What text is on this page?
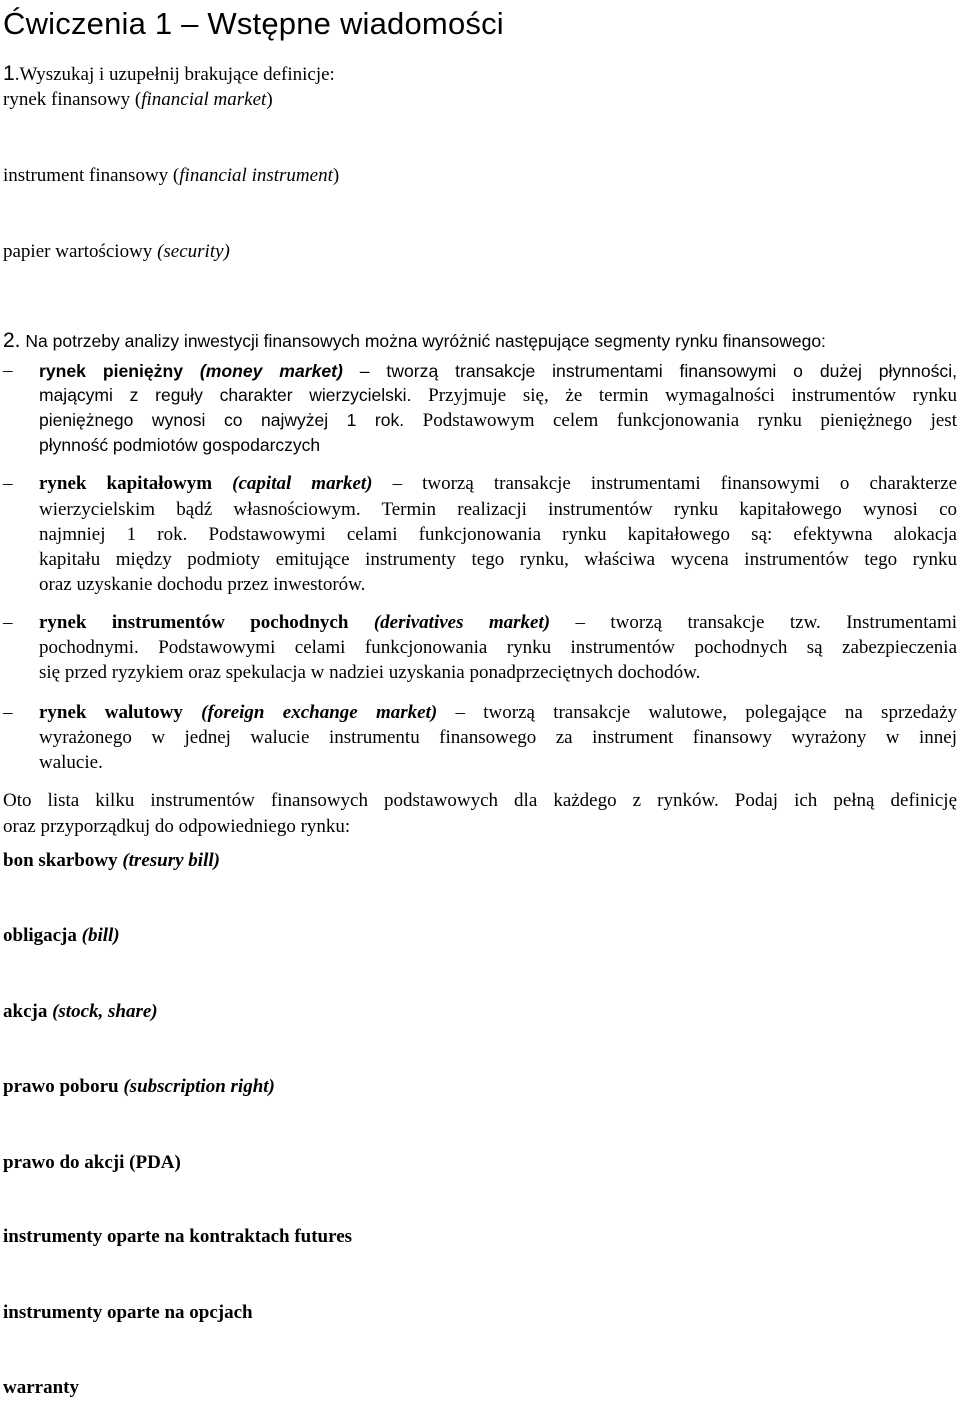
Ćwiczenia 1 – Wstępne wiadomości
1.Wyszukaj i uzupełnij brakujące definicje:
rynek finansowy (financial market)
instrument finansowy (financial instrument)
papier wartościowy (security)
2. Na potrzeby analizy inwestycji finansowych można wyróżnić następujące segmenty rynku finansowego:
– rynek pieniężny (money market) – tworzą transakcje instrumentami finansowymi o dużej płynności,
mającymi z reguły charakter wierzycielski. Przyjmuje się, że termin wymagalności instrumentów rynku
pieniężnego wynosi co najwyżej 1 rok. Podstawowym celem funkcjonowania rynku pieniężnego jest
płynność podmiotów gospodarczych
– rynek kapitałowym (capital market) – tworzą transakcje instrumentami finansowymi o charakterze
wierzycielskim bądź własnościowym. Termin realizacji instrumentów rynku kapitałowego wynosi co
najmniej 1 rok. Podstawowymi celami funkcjonowania rynku kapitałowego są: efektywna alokacja
kapitału między podmioty emitujące instrumenty tego rynku, właściwa wycena instrumentów tego rynku
oraz uzyskanie dochodu przez inwestorów.
– rynek instrumentów pochodnych (derivatives market) – tworzą transakcje tzw. Instrumentami
pochodnymi. Podstawowymi celami funkcjonowania rynku instrumentów pochodnych są zabezpieczenia
się przed ryzykiem oraz spekulacja w nadziei uzyskania ponadprzeciętnych dochodów.
– rynek walutowy (foreign exchange market) – tworzą transakcje walutowe, polegające na sprzedaży
wyrażonego w jednej walucie instrumentu finansowego za instrument finansowy wyrażony w innej
walucie.
Oto lista kilku instrumentów finansowych podstawowych dla każdego z rynków. Podaj ich pełną definicję
oraz przyporządkuj do odpowiedniego rynku:
bon skarbowy (tresury bill)
obligacja (bill)
akcja (stock, share)
prawo poboru (subscription right)
prawo do akcji (PDA)
instrumenty oparte na kontraktach futures
instrumenty oparte na opcjach
warranty
